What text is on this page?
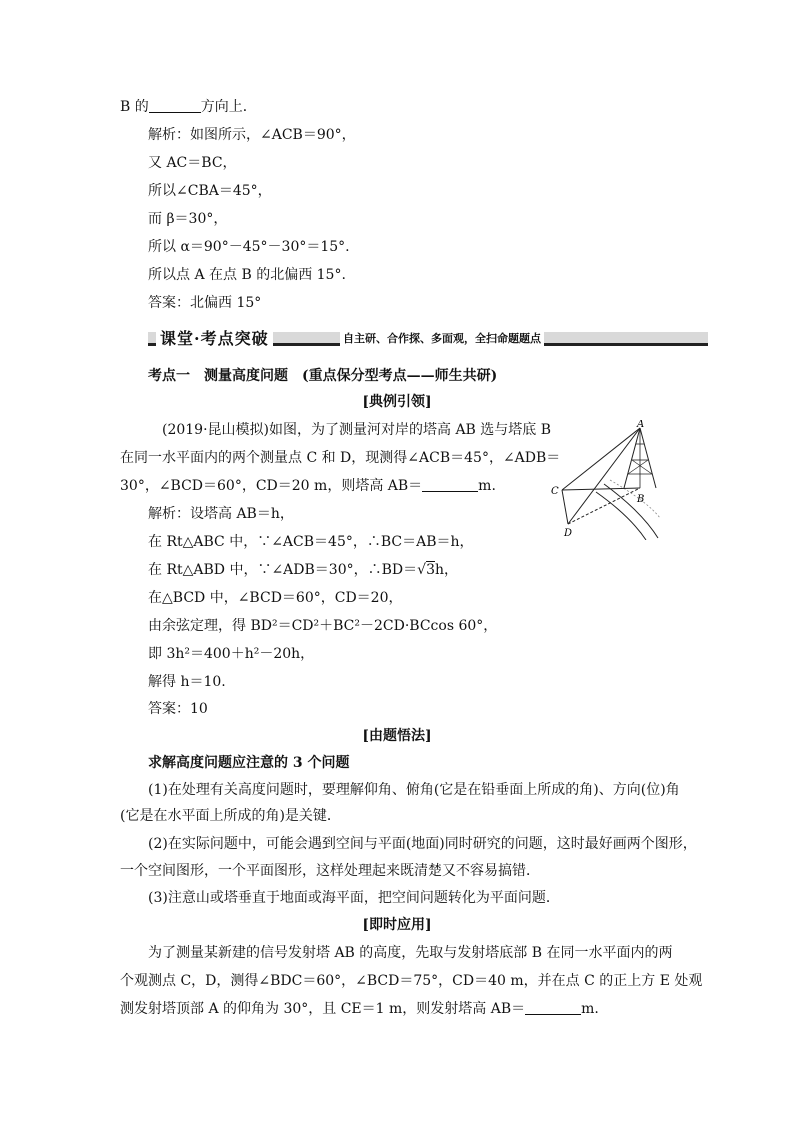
B 的	方向上．
解析：如图所示，∠ACB＝90°，
又 AC＝BC，
所以∠CBA＝45°，
而 β＝30°，
所以 α＝90°－45°－30°＝15°.
所以点 A 在点 B 的北偏西 15°.
答案：北偏西 15°
课堂·考点突破	自主研、合作探、多面观，全扫命题题点
考点一　测量高度问题　(重点保分型考点——师生共研)
[典例引领]
(2019·昆山模拟)如图，为了测量河对岸的塔高 AB 选与塔底 B
在同一水平面内的两个测量点 C 和 D，现测得∠ACB＝45°，∠ADB＝
30°，∠BCD＝60°，CD＝20 m，则塔高 AB＝	m.
A
B
C
D
解析：设塔高 AB＝h，
在 Rt△ABC 中，∵∠ACB＝45°，∴BC＝AB＝h，
在 Rt△ABD 中，∵∠ADB＝30°，∴BD＝√3h，
在△BCD 中，∠BCD＝60°，CD＝20，
由余弦定理，得 BD²＝CD²＋BC²－2CD·BCcos 60°，
即 3h²＝400＋h²－20h，
解得 h＝10.
答案：10
[由题悟法]
求解高度问题应注意的 3 个问题
(1)在处理有关高度问题时，要理解仰角、俯角(它是在铅垂面上所成的角)、方向(位)角
(它是在水平面上所成的角)是关键．
(2)在实际问题中，可能会遇到空间与平面(地面)同时研究的问题，这时最好画两个图形，
一个空间图形，一个平面图形，这样处理起来既清楚又不容易搞错．
(3)注意山或塔垂直于地面或海平面，把空间问题转化为平面问题．
[即时应用]
为了测量某新建的信号发射塔 AB 的高度，先取与发射塔底部 B 在同一水平面内的两
个观测点 C，D，测得∠BDC＝60°，∠BCD＝75°，CD＝40 m，并在点 C 的正上方 E 处观
测发射塔顶部 A 的仰角为 30°，且 CE＝1 m，则发射塔高 AB＝	m.
